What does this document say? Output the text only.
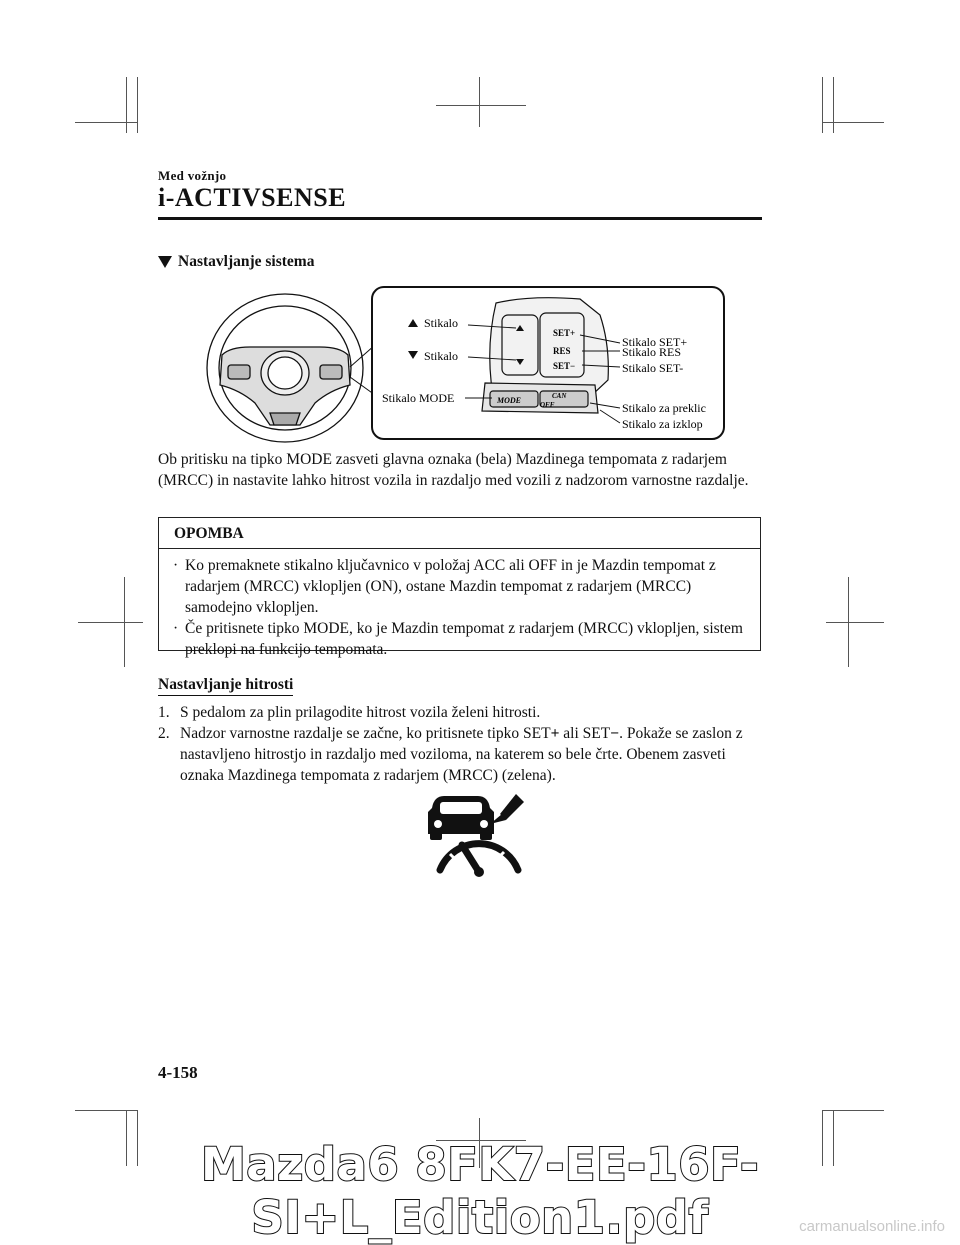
Med vožnjo
i-ACTIVSENSE
Nastavljanje sistema
SET+
RES
SET−
MODE	CAN
OFF
Stikalo
Stikalo
Stikalo MODE
Stikalo SET+
Stikalo RES
Stikalo SET-
Stikalo za preklic
Stikalo za izklop
Ob pritisku na tipko MODE zasveti glavna oznaka (bela) Mazdinega tempomata z radarjem (MRCC) in nastavite lahko hitrost vozila in razdaljo med vozili z nadzorom varnostne razdalje.
OPOMBA
· Ko premaknete stikalno ključavnico v položaj ACC ali OFF in je Mazdin tempomat z radarjem (MRCC) vklopljen (ON), ostane Mazdin tempomat z radarjem (MRCC) samodejno vklopljen.
· Če pritisnete tipko MODE, ko je Mazdin tempomat z radarjem (MRCC) vklopljen, sistem preklopi na funkcijo tempomata.
Nastavljanje hitrosti
1. S pedalom za plin prilagodite hitrost vozila želeni hitrosti.
2. Nadzor varnostne razdalje se začne, ko pritisnete tipko SET+ ali SET−. Pokaže se zaslon z nastavljeno hitrostjo in razdaljo med voziloma, na katerem so bele črte. Obenem zasveti oznaka Mazdinega tempomata z radarjem (MRCC) (zelena).
4-158
Mazda6 8FK7-EE-16F-SI+L_Edition1.pdf	carmanualsonline.info
